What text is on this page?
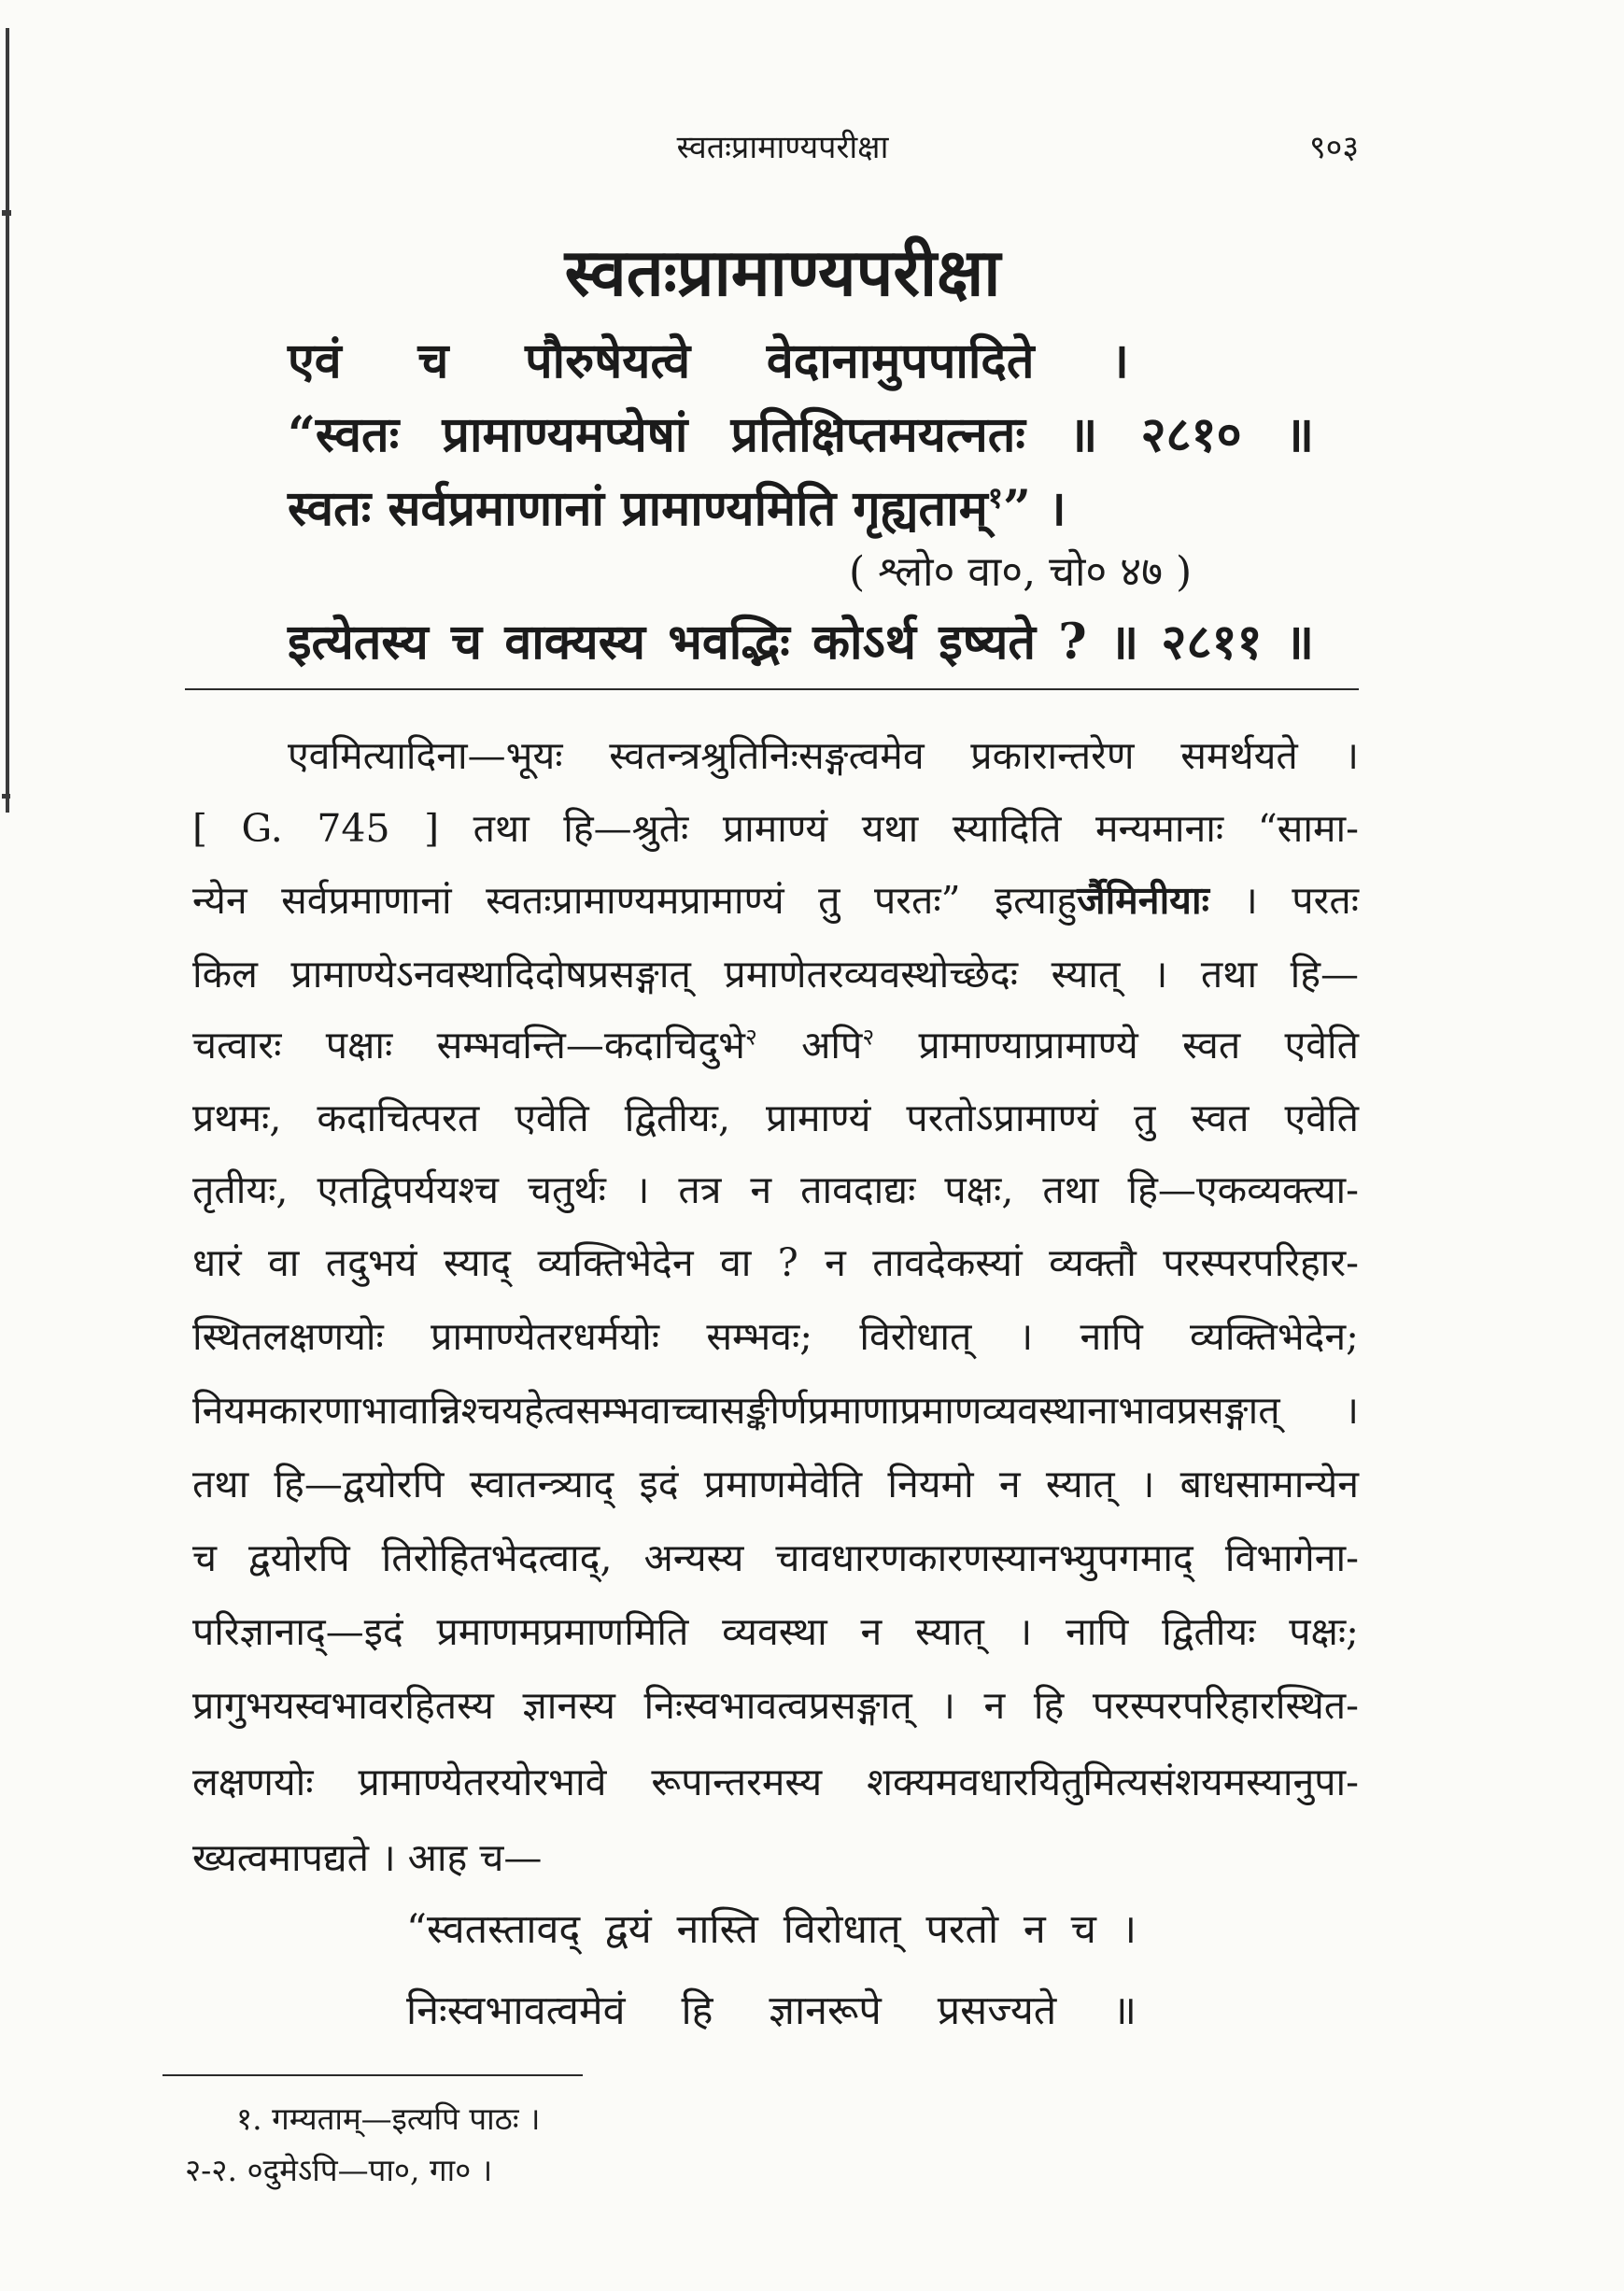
स्वतःप्रामाण्यपरीक्षा	९०३
स्वतःप्रामाण्यपरीक्षा
एवं च पौरुषेयत्वे वेदानामुपपादिते ।
“स्वतः प्रामाण्यमप्येषां प्रतिक्षिप्तमयत्नतः ॥ २८१० ॥
स्वतः सर्वप्रमाणानां प्रामाण्यमिति गृह्यताम्$^१$” ।
( श्लो० वा०, चो० ४७ )
इत्येतस्य च वाक्यस्य भवद्भिः कोऽर्थ इष्यते ? ॥ २८११ ॥
एवमित्यादिना—भूयः स्वतन्त्रश्रुतिनिःसङ्गत्वमेव प्रकारान्तरेण समर्थयते ।
[ G. 745 ] तथा हि—श्रुतेः प्रामाण्यं यथा स्यादिति मन्यमानाः “सामा-
न्येन सर्वप्रमाणानां स्वतःप्रामाण्यमप्रामाण्यं तु परतः” इत्याहुर्जैमिनीयाः । परतः
किल प्रामाण्येऽनवस्थादिदोषप्रसङ्गात् प्रमाणेतरव्यवस्थोच्छेदः स्यात् । तथा हि—
चत्वारः पक्षाः सम्भवन्ति—कदाचिदुभे$^२$ अपि$^२$ प्रामाण्याप्रामाण्ये स्वत एवेति
प्रथमः, कदाचित्परत एवेति द्वितीयः, प्रामाण्यं परतोऽप्रामाण्यं तु स्वत एवेति
तृतीयः, एतद्विपर्ययश्च चतुर्थः । तत्र न तावदाद्यः पक्षः, तथा हि—एकव्यक्त्या-
धारं वा तदुभयं स्याद् व्यक्तिभेदेन वा ? न तावदेकस्यां व्यक्तौ परस्परपरिहार-
स्थितलक्षणयोः प्रामाण्येतरधर्मयोः सम्भवः; विरोधात् । नापि व्यक्तिभेदेन;
नियमकारणाभावान्निश्चयहेत्वसम्भवाच्चासङ्कीर्णप्रमाणाप्रमाणव्यवस्थानाभावप्रसङ्गात् ।
तथा हि—द्वयोरपि स्वातन्त्र्याद् इदं प्रमाणमेवेति नियमो न स्यात् । बाधसामान्येन
च द्वयोरपि तिरोहितभेदत्वाद्, अन्यस्य चावधारणकारणस्यानभ्युपगमाद् विभागेना-
परिज्ञानाद्—इदं प्रमाणमप्रमाणमिति व्यवस्था न स्यात् । नापि द्वितीयः पक्षः;
प्रागुभयस्वभावरहितस्य ज्ञानस्य निःस्वभावत्वप्रसङ्गात् । न हि परस्परपरिहारस्थित-
लक्षणयोः प्रामाण्येतरयोरभावे रूपान्तरमस्य शक्यमवधारयितुमित्यसंशयमस्यानुपा-
ख्यत्वमापद्यते । आह च—
“स्वतस्तावद् द्वयं नास्ति विरोधात् परतो न च ।
निःस्वभावत्वमेवं हि ज्ञानरूपे प्रसज्यते ॥
१. गम्यताम्—इत्यपि पाठः ।
२-२. ०दुमेऽपि—पा०, गा० ।
